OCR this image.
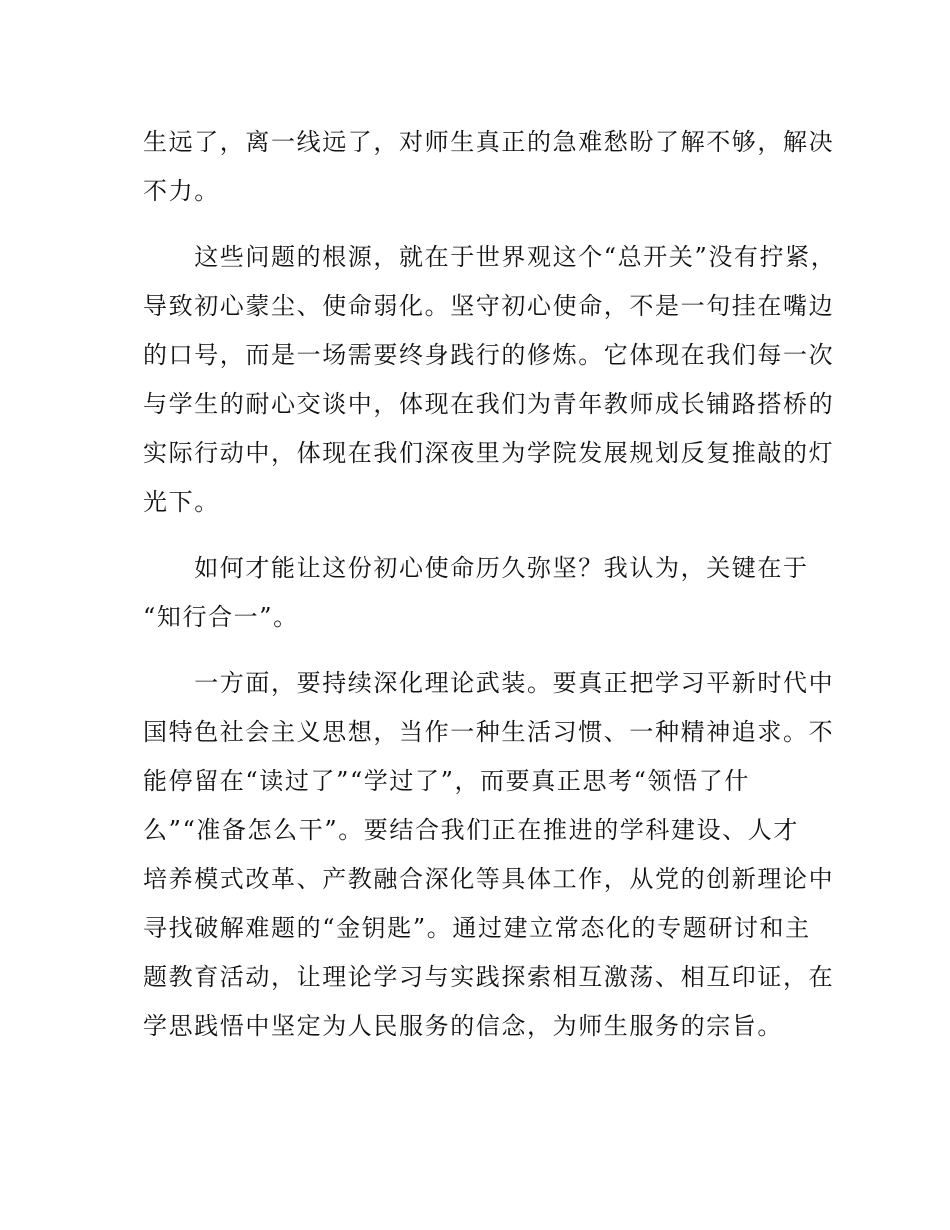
生远了，离一线远了，对师生真正的急难愁盼了解不够，解决
不力。
　　这些问题的根源，就在于世界观这个“总开关”没有拧紧，
导致初心蒙尘、使命弱化。坚守初心使命，不是一句挂在嘴边
的口号，而是一场需要终身践行的修炼。它体现在我们每一次
与学生的耐心交谈中，体现在我们为青年教师成长铺路搭桥的
实际行动中，体现在我们深夜里为学院发展规划反复推敲的灯
光下。
　　如何才能让这份初心使命历久弥坚？我认为，关键在于
“知行合一”。
　　一方面，要持续深化理论武装。要真正把学习平新时代中
国特色社会主义思想，当作一种生活习惯、一种精神追求。不
能停留在“读过了”“学过了”，而要真正思考“领悟了什
么”“准备怎么干”。要结合我们正在推进的学科建设、人才
培养模式改革、产教融合深化等具体工作，从党的创新理论中
寻找破解难题的“金钥匙”。通过建立常态化的专题研讨和主
题教育活动，让理论学习与实践探索相互激荡、相互印证，在
学思践悟中坚定为人民服务的信念，为师生服务的宗旨。
